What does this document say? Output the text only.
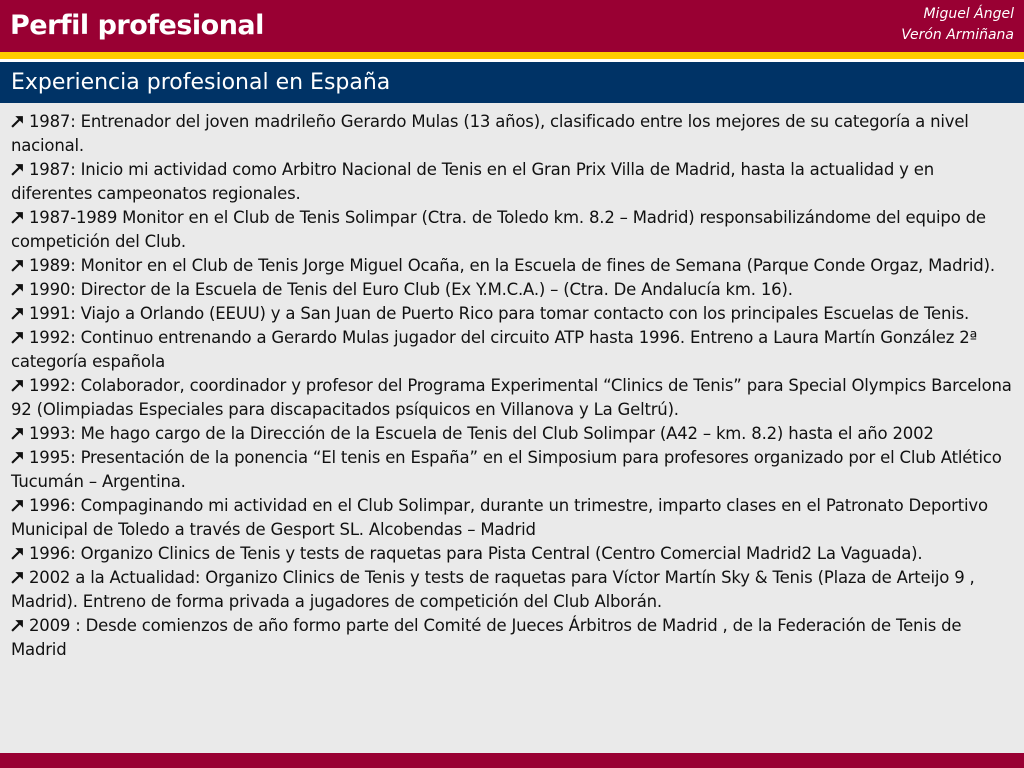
Perfil profesional	Miguel Ángel
Verón Armiñana
Experiencia profesional en España
1987: Entrenador del joven madrileño Gerardo Mulas (13 años), clasificado entre los mejores de su categoría a nivel nacional.
1987: Inicio mi actividad como Arbitro Nacional de Tenis en el Gran Prix Villa de Madrid, hasta la actualidad y en diferentes campeonatos regionales.
1987-1989 Monitor en el Club de Tenis Solimpar (Ctra. de Toledo km. 8.2 – Madrid) responsabilizándome del equipo de competición del Club.
1989: Monitor en el Club de Tenis Jorge Miguel Ocaña, en la Escuela de fines de Semana (Parque Conde Orgaz, Madrid).
1990: Director de la Escuela de Tenis del Euro Club (Ex Y.M.C.A.) – (Ctra. De Andalucía km. 16).
1991: Viajo a Orlando (EEUU) y a San Juan de Puerto Rico para tomar contacto con los principales Escuelas de Tenis.
1992: Continuo entrenando a Gerardo Mulas jugador del circuito ATP hasta 1996. Entreno a Laura Martín González 2ª categoría española
1992: Colaborador, coordinador y profesor del Programa Experimental “Clinics de Tenis” para Special Olympics Barcelona 92 (Olimpiadas Especiales para discapacitados psíquicos en Villanova y La Geltrú).
1993: Me hago cargo de la Dirección de la Escuela de Tenis del Club Solimpar (A42 – km. 8.2) hasta el año 2002
1995: Presentación de la ponencia “El tenis en España” en el Simposium para profesores organizado por el Club Atlético Tucumán – Argentina.
1996: Compaginando mi actividad en el Club Solimpar, durante un trimestre, imparto clases en el Patronato Deportivo Municipal de Toledo a través de Gesport SL. Alcobendas – Madrid
1996: Organizo Clinics de Tenis y tests de raquetas para Pista Central (Centro Comercial Madrid2 La Vaguada).
2002 a la Actualidad: Organizo Clinics de Tenis y tests de raquetas para Víctor Martín Sky & Tenis (Plaza de Arteijo 9 , Madrid). Entreno de forma privada a jugadores de competición del Club Alborán.
2009 : Desde comienzos de año formo parte del Comité de Jueces Árbitros de Madrid , de la Federación de Tenis de Madrid
